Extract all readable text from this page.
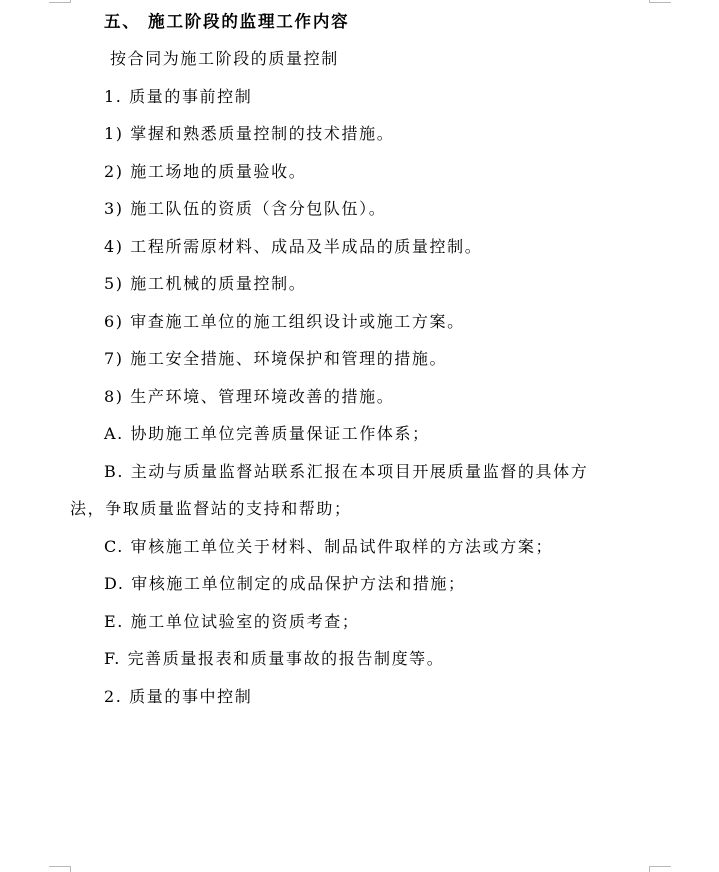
五、 施工阶段的监理工作内容
按合同为施工阶段的质量控制
1. 质量的事前控制
1) 掌握和熟悉质量控制的技术措施。
2) 施工场地的质量验收。
3) 施工队伍的资质（含分包队伍）。
4) 工程所需原材料、成品及半成品的质量控制。
5) 施工机械的质量控制。
6) 审查施工单位的施工组织设计或施工方案。
7) 施工安全措施、环境保护和管理的措施。
8) 生产环境、管理环境改善的措施。
A. 协助施工单位完善质量保证工作体系；
B. 主动与质量监督站联系汇报在本项目开展质量监督的具体方
法，争取质量监督站的支持和帮助；
C. 审核施工单位关于材料、制品试件取样的方法或方案；
D. 审核施工单位制定的成品保护方法和措施；
E. 施工单位试验室的资质考查；
F. 完善质量报表和质量事故的报告制度等。
2. 质量的事中控制
